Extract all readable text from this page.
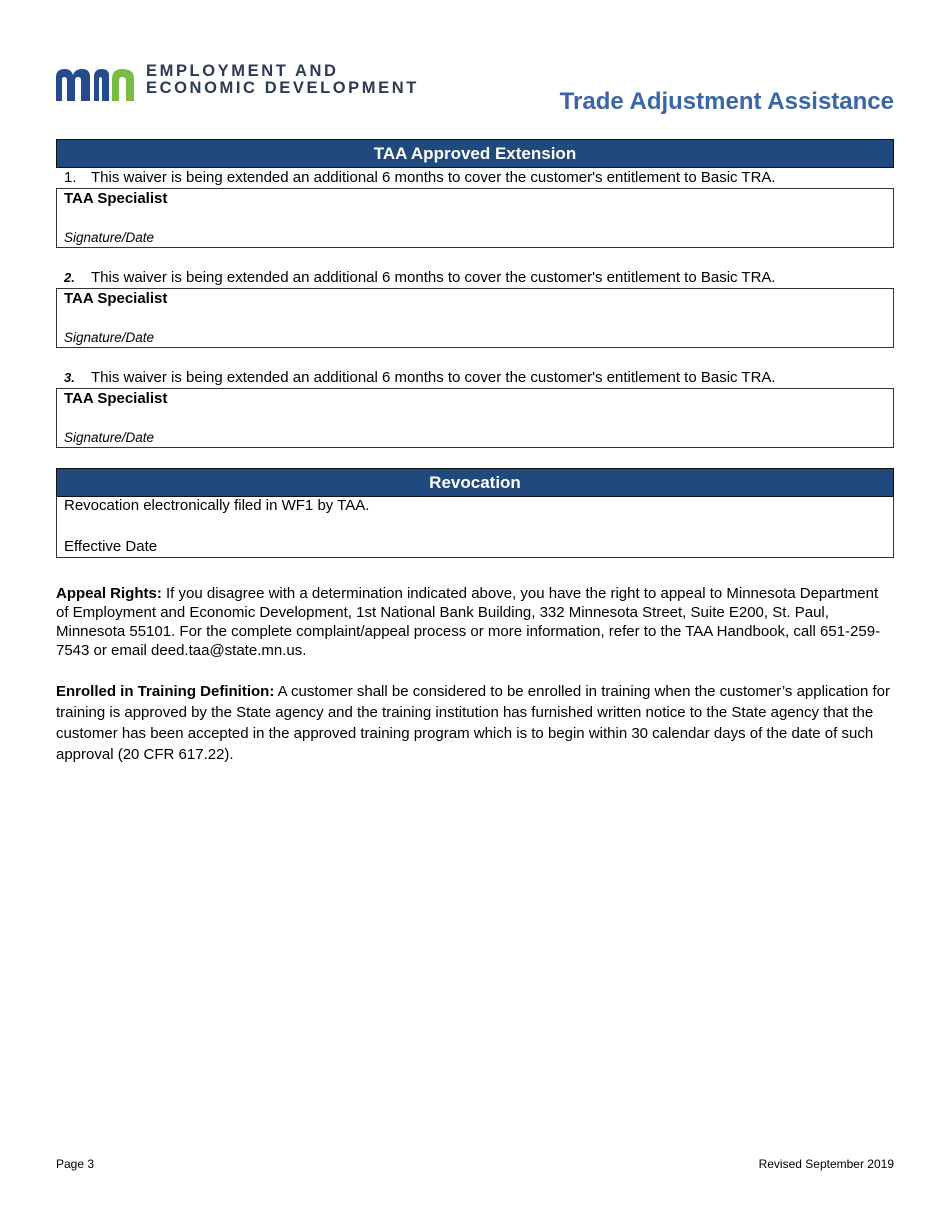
EMPLOYMENT AND
ECONOMIC DEVELOPMENT	Trade Adjustment Assistance
TAA Approved Extension
1. This waiver is being extended an additional 6 months to cover the customer's entitlement to Basic TRA.
TAA Specialist
Signature/Date
2. This waiver is being extended an additional 6 months to cover the customer's entitlement to Basic TRA.
TAA Specialist
Signature/Date
3. This waiver is being extended an additional 6 months to cover the customer's entitlement to Basic TRA.
TAA Specialist
Signature/Date
Revocation
Revocation electronically filed in WF1 by TAA.
Effective Date
Appeal Rights: If you disagree with a determination indicated above, you have the right to appeal to Minnesota Department of Employment and Economic Development, 1st National Bank Building, 332 Minnesota Street, Suite E200, St. Paul, Minnesota 55101. For the complete complaint/appeal process or more information, refer to the TAA Handbook, call 651-259-7543 or email deed.taa@state.mn.us.
Enrolled in Training Definition: A customer shall be considered to be enrolled in training when the customer’s application for training is approved by the State agency and the training institution has furnished written notice to the State agency that the customer has been accepted in the approved training program which is to begin within 30 calendar days of the date of such approval (20 CFR 617.22).
Page 3	Revised September 2019
